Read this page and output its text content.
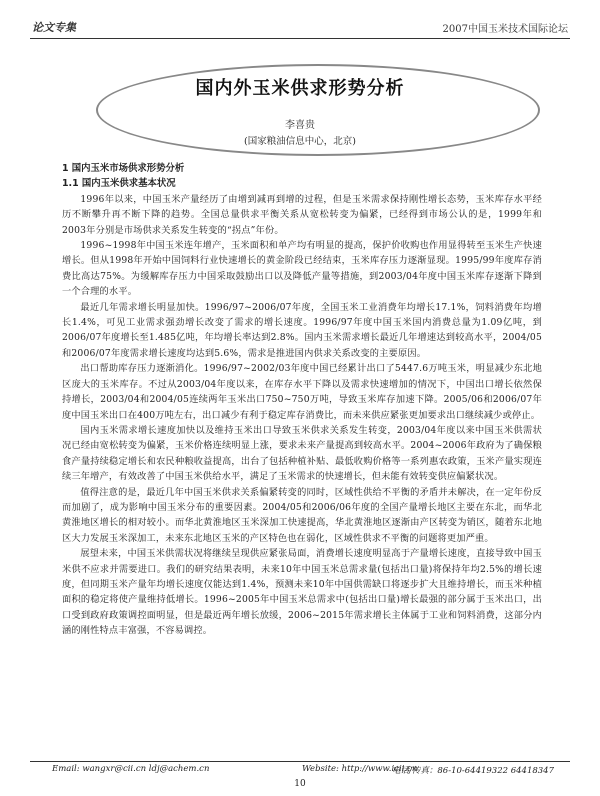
论文专集	2007中国玉米技术国际论坛
国内外玉米供求形势分析
李喜贵
(国家粮油信息中心，北京)

1 国内玉米市场供求形势分析

1.1 国内玉米供求基本状况

1996年以来，中国玉米产量经历了由增到减再到增的过程，但是玉米需求保持刚性增长态势，玉米库存水平经历不断攀升再不断下降的趋势。全国总量供求平衡关系从宽松转变为偏紧，已经得到市场公认的是，1999年和2003年分别是市场供求关系发生转变的“拐点”年份。

1996~1998年中国玉米连年增产，玉米面积和单产均有明显的提高，保护价收购也作用显得转至玉米生产快速增长。但从1998年开始中国饲料行业快速增长的黄金阶段已经结束，玉米库存压力逐渐显现。1995/99年度库存消费比高达75%。为缓解库存压力中国采取鼓励出口以及降低产量等措施，到2003/04年度中国玉米库存逐渐下降到一个合理的水平。

最近几年需求增长明显加快。1996/97~2006/07年度，全国玉米工业消费年均增长17.1%，饲料消费年均增长1.4%，可见工业需求强劲增长改变了需求的增长速度。1996/97年度中国玉米国内消费总量为1.09亿吨，到2006/07年度增长至1.485亿吨，年均增长率达到2.8%。国内玉米需求增长最近几年增速达到较高水平，2004/05和2006/07年度需求增长速度均达到5.6%，需求是推进国内供求关系改变的主要原因。

出口帮助库存压力逐渐消化。1996/97~2002/03年度中国已经累计出口了5447.6万吨玉米，明显减少东北地区庞大的玉米库存。不过从2003/04年度以来，在库存水平下降以及需求快速增加的情况下，中国出口增长依然保持增长，2003/04和2004/05连续两年玉米出口750~750万吨，导致玉米库存加速下降。2005/06和2006/07年度中国玉米出口在400万吨左右，出口减少有利于稳定库存消费比，而未来供应紧张更加要求出口继续减少或停止。

国内玉米需求增长速度加快以及维持玉米出口导致玉米供求关系发生转变，2003/04年度以来中国玉米供需状况已经由宽松转变为偏紧，玉米价格连续明显上涨，要求未来产量提高到较高水平。2004~2006年政府为了确保粮食产量持续稳定增长和农民种粮收益提高，出台了包括种植补贴、最低收购价格等一系列惠农政策，玉米产量实现连续三年增产，有效改善了中国玉米供给水平，满足了玉米需求的快速增长，但未能有效转变供应偏紧状况。

值得注意的是，最近几年中国玉米供求关系偏紧转变的同时，区域性供给不平衡的矛盾并未解决，在一定年份反而加剧了，成为影响中国玉米分布的重要因素。2004/05和2006/06年度的全国产量增长地区主要在东北，而华北黄淮地区增长的相对较小。而华北黄淮地区玉米深加工快速提高，华北黄淮地区逐渐由产区转变为销区，随着东北地区大力发展玉米深加工，未来东北地区玉米的产区特色也在弱化，区域性供求不平衡的问题将更加严重。

展望未来，中国玉米供需状况将继续呈现供应紧张局面，消费增长速度明显高于产量增长速度，直接导致中国玉米供不应求并需要进口。我们的研究结果表明，未来10年中国玉米总需求量(包括出口量)将保持年均2.5%的增长速度，但同期玉米产量年均增长速度仅能达到1.4%，预测未来10年中国供需缺口将逐步扩大且维持增长，而玉米种植面积的稳定将使产量维持低增长。1996~2005年中国玉米总需求中(包括出口量)增长最强的部分属于玉米出口，出口受到政府政策调控面明显，但是最近两年增长放缓，2006~2015年需求增长主体属于工业和饲料消费，这部分内涵的刚性特点丰富强，不容易调控。

Email: wangxr@cii.cn ldj@achem.cn	Website: http://www.icii.cn
电话/传真：86-10-64419322 64418347
10
